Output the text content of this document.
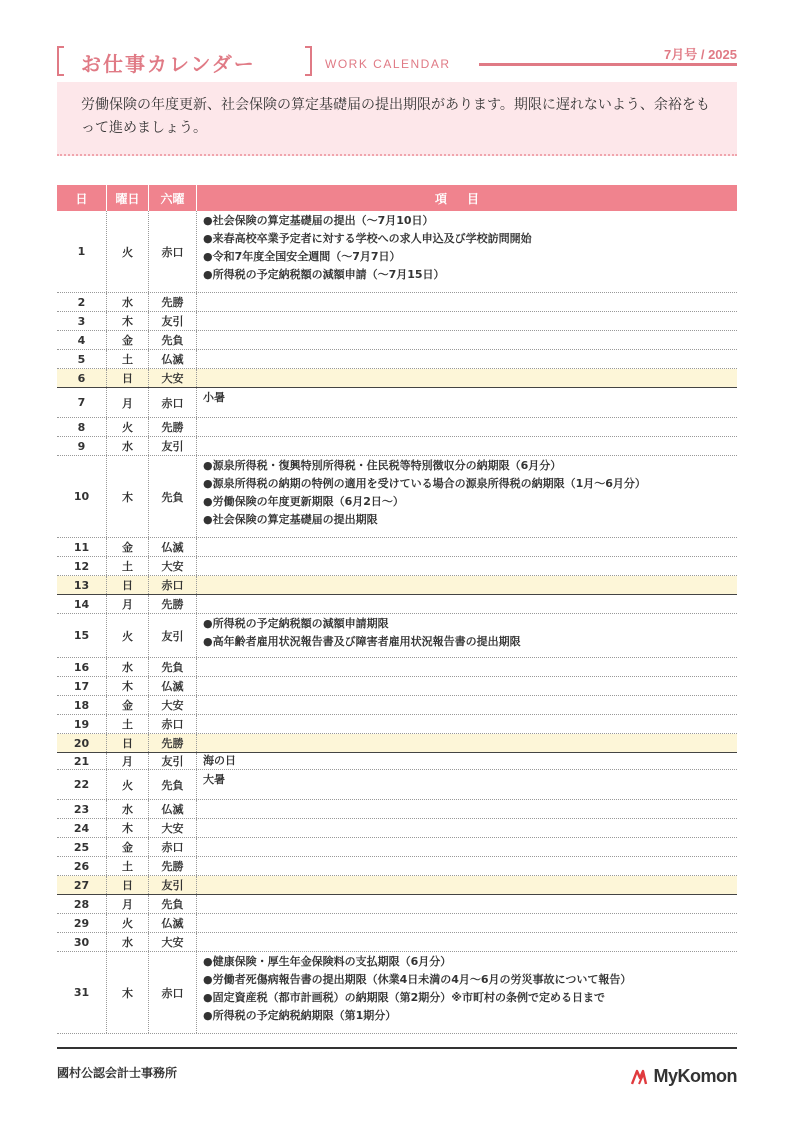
お仕事カレンダー	WORK CALENDAR
7月号 / 2025
労働保険の年度更新、社会保険の算定基礎届の提出期限があります。期限に遅れないよう、余裕をもって進めましょう。
日	曜日	六曜	項目
1	火	赤口
●社会保険の算定基礎届の提出（～7月10日）
●来春高校卒業予定者に対する学校への求人申込及び学校訪問開始
●令和7年度全国安全週間（～7月7日）
●所得税の予定納税額の減額申請（～7月15日）
2	水	先勝
3	木	友引
4	金	先負
5	土	仏滅
6	日	大安
7	月	赤口	小暑
8	火	先勝
9	水	友引
10	木	先負
●源泉所得税・復興特別所得税・住民税等特別徴収分の納期限（6月分）
●源泉所得税の納期の特例の適用を受けている場合の源泉所得税の納期限（1月～6月分）
●労働保険の年度更新期限（6月2日～）
●社会保険の算定基礎届の提出期限
11	金	仏滅
12	土	大安
13	日	赤口
14	月	先勝
15	火	友引
●所得税の予定納税額の減額申請期限
●高年齢者雇用状況報告書及び障害者雇用状況報告書の提出期限
16	水	先負
17	木	仏滅
18	金	大安
19	土	赤口
20	日	先勝
21	月	友引	海の日
22	火	先負	大暑
23	水	仏滅
24	木	大安
25	金	赤口
26	土	先勝
27	日	友引
28	月	先負
29	火	仏滅
30	水	大安
31	木	赤口
●健康保険・厚生年金保険料の支払期限（6月分）
●労働者死傷病報告書の提出期限（休業4日未満の4月～6月の労災事故について報告）
●固定資産税（都市計画税）の納期限（第2期分）※市町村の条例で定める日まで
●所得税の予定納税納期限（第1期分）
國村公認会計士事務所	MyKomon
